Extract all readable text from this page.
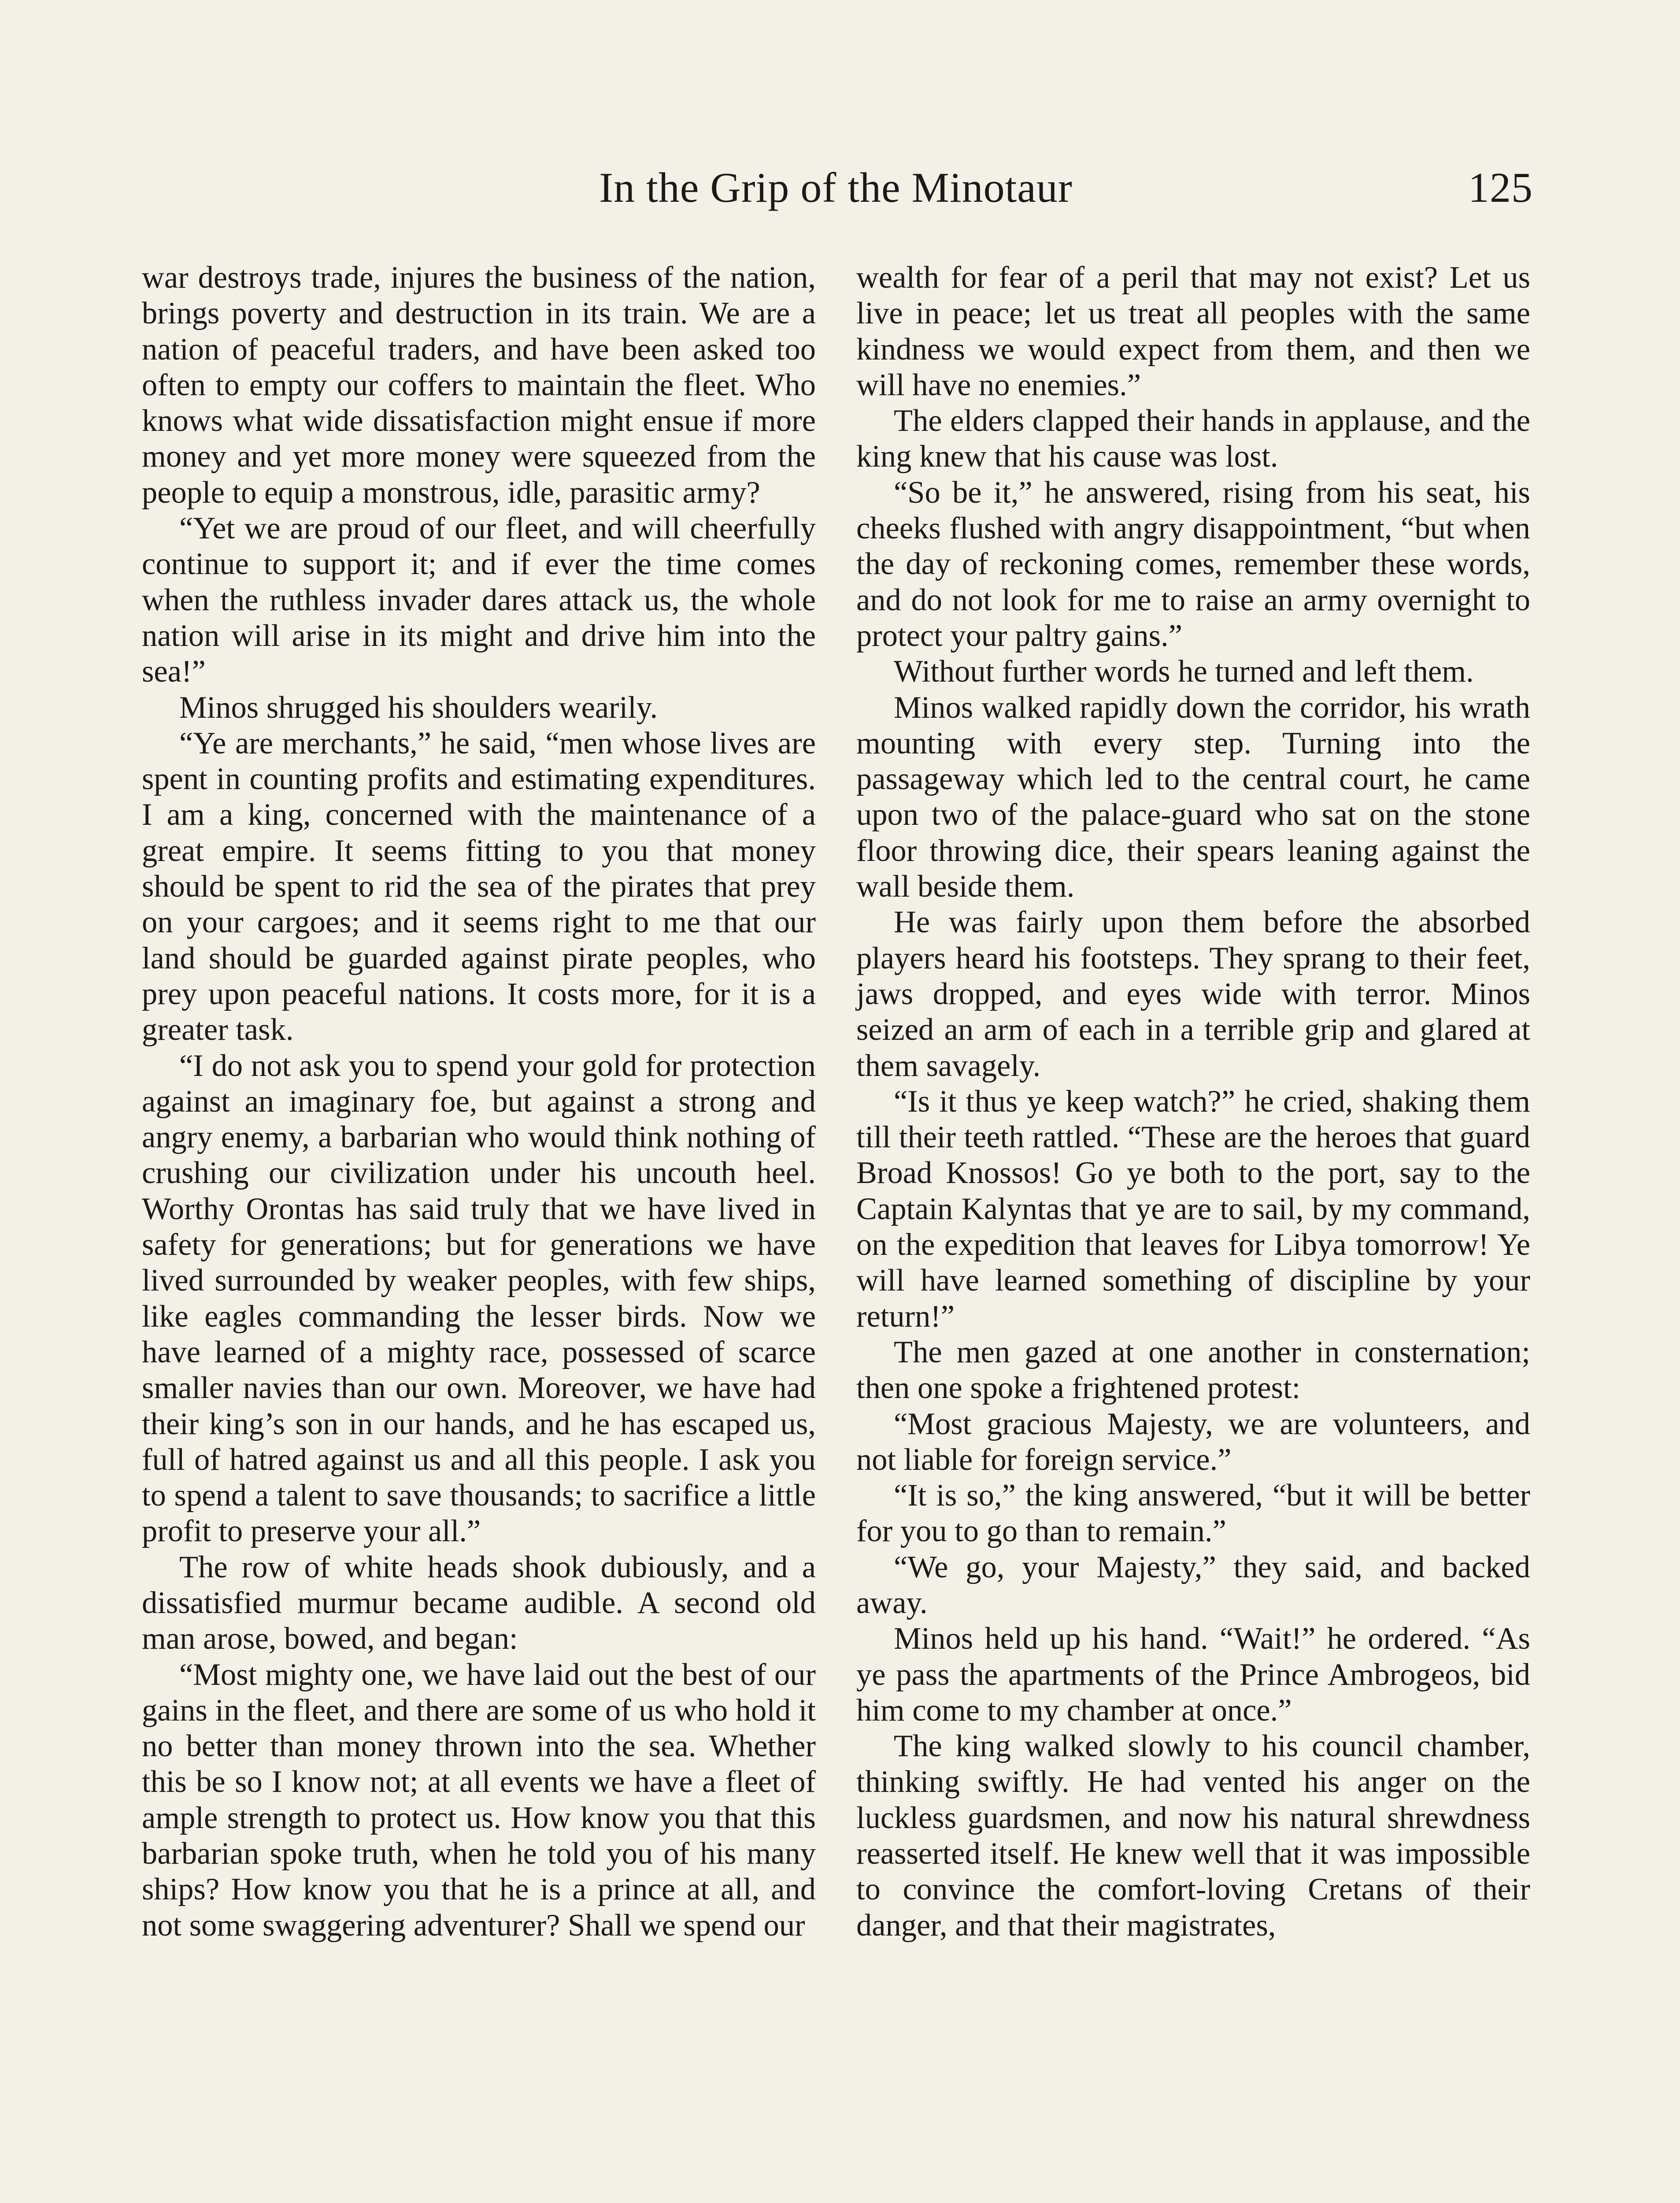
In the Grip of the Minotaur	125

war destroys trade, injures the business of the nation, brings poverty and destruction in its train. We are a nation of peaceful traders, and have been asked too often to empty our coffers to maintain the fleet. Who knows what wide dissatisfaction might ensue if more money and yet more money were squeezed from the people to equip a monstrous, idle, parasitic army?

“Yet we are proud of our fleet, and will cheerfully continue to support it; and if ever the time comes when the ruthless invader dares attack us, the whole nation will arise in its might and drive him into the sea!”

Minos shrugged his shoulders wearily.

“Ye are merchants,” he said, “men whose lives are spent in counting profits and estimating expenditures. I am a king, concerned with the maintenance of a great empire. It seems fitting to you that money should be spent to rid the sea of the pirates that prey on your cargoes; and it seems right to me that our land should be guarded against pirate peoples, who prey upon peaceful nations. It costs more, for it is a greater task.

“I do not ask you to spend your gold for protection against an imaginary foe, but against a strong and angry enemy, a barbarian who would think nothing of crushing our civilization under his uncouth heel. Worthy Orontas has said truly that we have lived in safety for generations; but for generations we have lived surrounded by weaker peoples, with few ships, like eagles commanding the lesser birds. Now we have learned of a mighty race, possessed of scarce smaller navies than our own. Moreover, we have had their king’s son in our hands, and he has escaped us, full of hatred against us and all this people. I ask you to spend a talent to save thousands; to sacrifice a little profit to preserve your all.”

The row of white heads shook dubiously, and a dissatisfied murmur became audible. A second old man arose, bowed, and began:

“Most mighty one, we have laid out the best of our gains in the fleet, and there are some of us who hold it no better than money thrown into the sea. Whether this be so I know not; at all events we have a fleet of ample strength to protect us. How know you that this barbarian spoke truth, when he told you of his many ships? How know you that he is a prince at all, and not some swaggering adventurer? Shall we spend our

wealth for fear of a peril that may not exist? Let us live in peace; let us treat all peoples with the same kindness we would expect from them, and then we will have no enemies.”

The elders clapped their hands in applause, and the king knew that his cause was lost.

“So be it,” he answered, rising from his seat, his cheeks flushed with angry disappointment, “but when the day of reckoning comes, remember these words, and do not look for me to raise an army overnight to protect your paltry gains.”

Without further words he turned and left them.

Minos walked rapidly down the corridor, his wrath mounting with every step. Turning into the passageway which led to the central court, he came upon two of the palace-guard who sat on the stone floor throwing dice, their spears leaning against the wall beside them.

He was fairly upon them before the absorbed players heard his footsteps. They sprang to their feet, jaws dropped, and eyes wide with terror. Minos seized an arm of each in a terrible grip and glared at them savagely.

“Is it thus ye keep watch?” he cried, shaking them till their teeth rattled. “These are the heroes that guard Broad Knossos! Go ye both to the port, say to the Captain Kalyntas that ye are to sail, by my command, on the expedition that leaves for Libya tomorrow! Ye will have learned something of discipline by your return!”

The men gazed at one another in consternation; then one spoke a frightened protest:

“Most gracious Majesty, we are volunteers, and not liable for foreign service.”

“It is so,” the king answered, “but it will be better for you to go than to remain.”

“We go, your Majesty,” they said, and backed away.

Minos held up his hand. “Wait!” he ordered. “As ye pass the apartments of the Prince Ambrogeos, bid him come to my chamber at once.”

The king walked slowly to his council chamber, thinking swiftly. He had vented his anger on the luckless guardsmen, and now his natural shrewdness reasserted itself. He knew well that it was impossible to convince the comfort-loving Cretans of their danger, and that their magistrates,
